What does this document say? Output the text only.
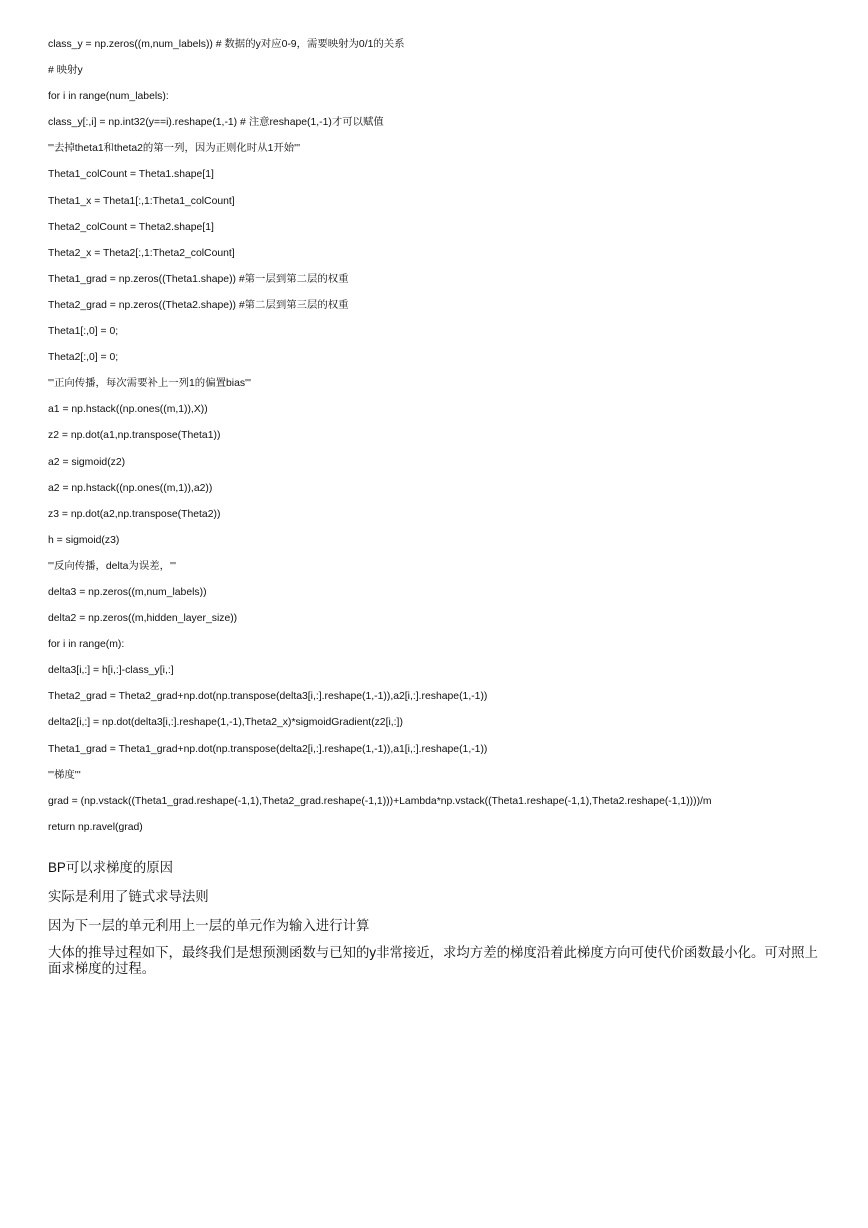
class_y = np.zeros((m,num_labels)) # 数据的y对应0-9，需要映射为0/1的关系
# 映射y
for i in range(num_labels):
class_y[:,i] = np.int32(y==i).reshape(1,-1) # 注意reshape(1,-1)才可以赋值
'''去掉theta1和theta2的第一列，因为正则化时从1开始'''
Theta1_colCount = Theta1.shape[1]
Theta1_x = Theta1[:,1:Theta1_colCount]
Theta2_colCount = Theta2.shape[1]
Theta2_x = Theta2[:,1:Theta2_colCount]
Theta1_grad = np.zeros((Theta1.shape)) #第一层到第二层的权重
Theta2_grad = np.zeros((Theta2.shape)) #第二层到第三层的权重
Theta1[:,0] = 0;
Theta2[:,0] = 0;
'''正向传播，每次需要补上一列1的偏置bias'''
a1 = np.hstack((np.ones((m,1)),X))
z2 = np.dot(a1,np.transpose(Theta1))
a2 = sigmoid(z2)
a2 = np.hstack((np.ones((m,1)),a2))
z3 = np.dot(a2,np.transpose(Theta2))
h = sigmoid(z3)
'''反向传播，delta为误差，'''
delta3 = np.zeros((m,num_labels))
delta2 = np.zeros((m,hidden_layer_size))
for i in range(m):
delta3[i,:] = h[i,:]-class_y[i,:]
Theta2_grad = Theta2_grad+np.dot(np.transpose(delta3[i,:].reshape(1,-1)),a2[i,:].reshape(1,-1))
delta2[i,:] = np.dot(delta3[i,:].reshape(1,-1),Theta2_x)*sigmoidGradient(z2[i,:])
Theta1_grad = Theta1_grad+np.dot(np.transpose(delta2[i,:].reshape(1,-1)),a1[i,:].reshape(1,-1))
'''梯度'''
grad = (np.vstack((Theta1_grad.reshape(-1,1),Theta2_grad.reshape(-1,1)))+Lambda*np.vstack((Theta1.reshape(-1,1),Theta2.reshape(-1,1))))/m
return np.ravel(grad)
BP可以求梯度的原因
实际是利用了链式求导法则
因为下一层的单元利用上一层的单元作为输入进行计算
大体的推导过程如下，最终我们是想预测函数与已知的y非常接近，求均方差的梯度沿着此梯度方向可使代价函数最小化。可对照上面求梯度的过程。
